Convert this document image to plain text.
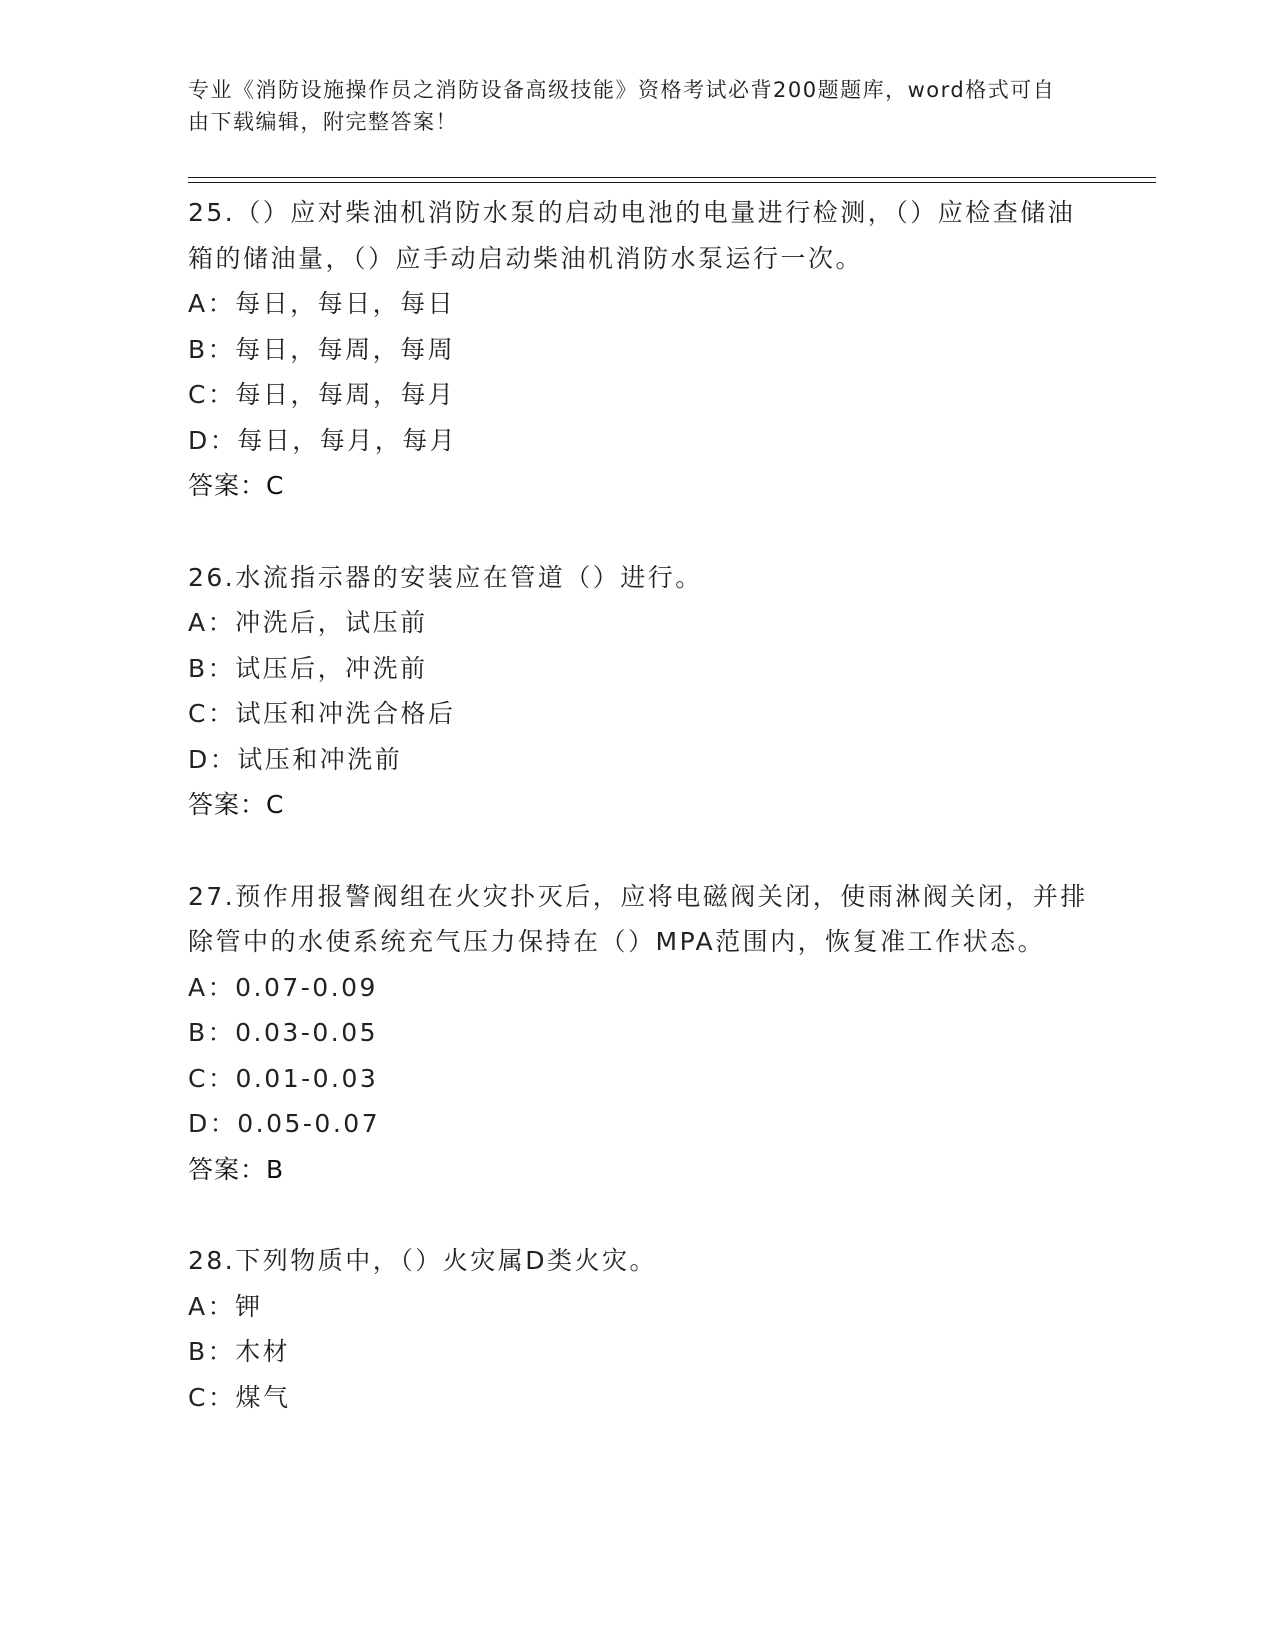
专业《消防设施操作员之消防设备高级技能》资格考试必背200题题库，word格式可自由下载编辑，附完整答案！
25.（）应对柴油机消防水泵的启动电池的电量进行检测，（）应检查储油箱的储油量，（）应手动启动柴油机消防水泵运行一次。
A：每日，每日，每日
B：每日，每周，每周
C：每日，每周，每月
D：每日，每月，每月
答案：C
26.水流指示器的安装应在管道（）进行。
A：冲洗后，试压前
B：试压后，冲洗前
C：试压和冲洗合格后
D：试压和冲洗前
答案：C
27.预作用报警阀组在火灾扑灭后，应将电磁阀关闭，使雨淋阀关闭，并排除管中的水使系统充气压力保持在（）MPA范围内，恢复准工作状态。
A：0.07-0.09
B：0.03-0.05
C：0.01-0.03
D：0.05-0.07
答案：B
28.下列物质中，（）火灾属D类火灾。
A：钾
B：木材
C：煤气
